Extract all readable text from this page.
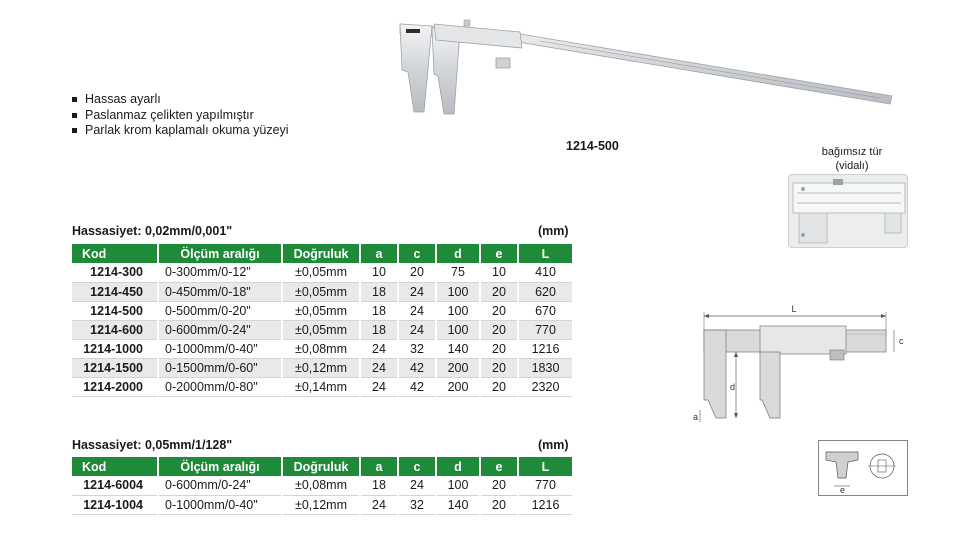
Hassas ayarlı
Paslanmaz çelikten yapılmıştır
Parlak krom kaplamalı okuma yüzeyi
1214-500	bağımsız tür
(vidalı)
Hassasiyet: 0,02mm/0,001"	(mm)
Kod	Ölçüm aralığı	Doğruluk	a	c	d	e	L
1214-300	0-300mm/0-12"	±0,05mm	10	20	75	10	410
1214-450	0-450mm/0-18"	±0,05mm	18	24	100	20	620
1214-500	0-500mm/0-20"	±0,05mm	18	24	100	20	670
1214-600	0-600mm/0-24"	±0,05mm	18	24	100	20	770
1214-1000	0-1000mm/0-40"	±0,08mm	24	32	140	20	1216
1214-1500	0-1500mm/0-60"	±0,12mm	24	42	200	20	1830
1214-2000	0-2000mm/0-80"	±0,14mm	24	42	200	20	2320
Hassasiyet: 0,05mm/1/128"	(mm)
Kod	Ölçüm aralığı	Doğruluk	a	c	d	e	L
1214-6004	0-600mm/0-24"	±0,08mm	18	24	100	20	770
1214-1004	0-1000mm/0-40"	±0,12mm	24	32	140	20	1216
L
c
d
a
e
